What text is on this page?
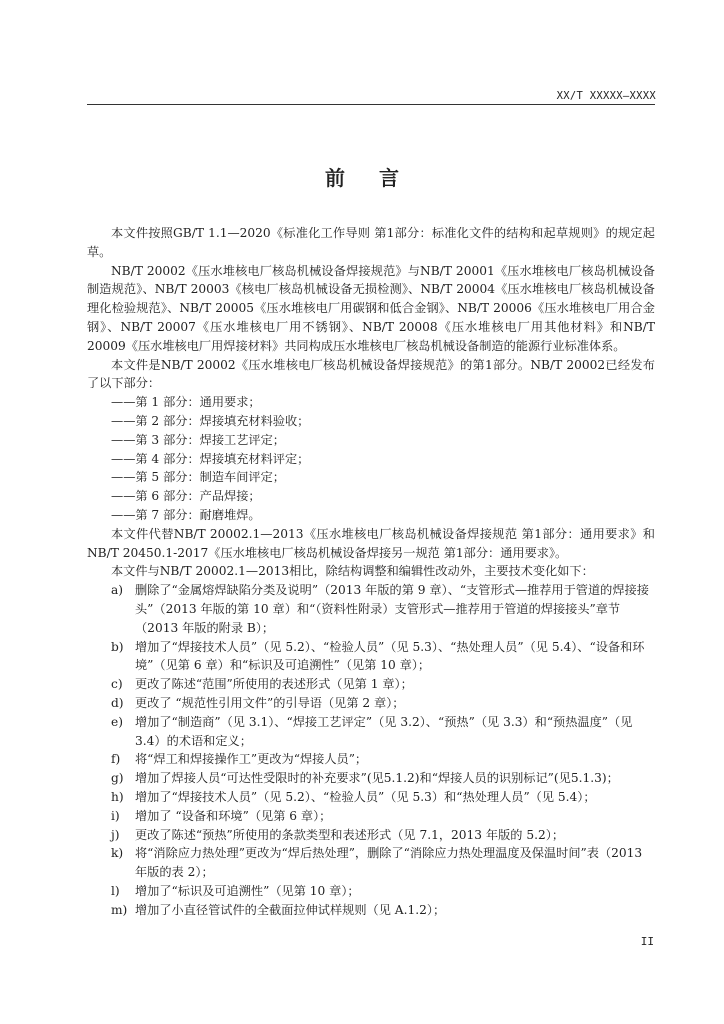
XX/T XXXXX—XXXX
前言

本文件按照GB/T 1.1—2020《标准化工作导则 第1部分：标准化文件的结构和起草规则》的规定起草。

NB/T 20002《压水堆核电厂核岛机械设备焊接规范》与NB/T 20001《压水堆核电厂核岛机械设备制造规范》、NB/T 20003《核电厂核岛机械设备无损检测》、NB/T 20004《压水堆核电厂核岛机械设备理化检验规范》、NB/T 20005《压水堆核电厂用碳钢和低合金钢》、NB/T 20006《压水堆核电厂用合金钢》、NB/T 20007《压水堆核电厂用不锈钢》、NB/T 20008《压水堆核电厂用其他材料》和NB/T 20009《压水堆核电厂用焊接材料》共同构成压水堆核电厂核岛机械设备制造的能源行业标准体系。

本文件是NB/T 20002《压水堆核电厂核岛机械设备焊接规范》的第1部分。NB/T 20002已经发布了以下部分：

——第 1 部分：通用要求；
——第 2 部分：焊接填充材料验收；
——第 3 部分：焊接工艺评定；
——第 4 部分：焊接填充材料评定；
——第 5 部分：制造车间评定；
——第 6 部分：产品焊接；
——第 7 部分：耐磨堆焊。

本文件代替NB/T 20002.1—2013《压水堆核电厂核岛机械设备焊接规范 第1部分：通用要求》和NB/T 20450.1-2017《压水堆核电厂核岛机械设备焊接另一规范 第1部分：通用要求》。

本文件与NB/T 20002.1—2013相比，除结构调整和编辑性改动外，主要技术变化如下：

a) 删除了“金属熔焊缺陷分类及说明”（2013 年版的第 9 章）、“支管形式—推荐用于管道的焊接接头”（2013 年版的第 10 章）和“（资料性附录）支管形式—推荐用于管道的焊接接头”章节（2013 年版的附录 B）；
b) 增加了“焊接技术人员”（见 5.2）、“检验人员”（见 5.3）、“热处理人员”（见 5.4）、“设备和环境”（见第 6 章）和“标识及可追溯性”（见第 10 章）；
c) 更改了陈述“范围”所使用的表述形式（见第 1 章）；
d) 更改了 “规范性引用文件”的引导语（见第 2 章）；
e) 增加了“制造商”（见 3.1）、“焊接工艺评定”（见 3.2）、“预热”（见 3.3）和“预热温度”（见 3.4）的术语和定义；
f) 将“焊工和焊接操作工”更改为“焊接人员”；
g) 增加了焊接人员“可达性受限时的补充要求”(见5.1.2)和“焊接人员的识别标记”(见5.1.3)；
h) 增加了“焊接技术人员”（见 5.2）、“检验人员”（见 5.3）和“热处理人员”（见 5.4）；
i) 增加了 “设备和环境”（见第 6 章）；
j) 更改了陈述“预热”所使用的条款类型和表述形式（见 7.1，2013 年版的 5.2）；
k) 将“消除应力热处理”更改为“焊后热处理”，删除了“消除应力热处理温度及保温时间”表（2013 年版的表 2）；
l) 增加了“标识及可追溯性”（见第 10 章）；
m) 增加了小直径管试件的全截面拉伸试样规则（见 A.1.2）；
II
